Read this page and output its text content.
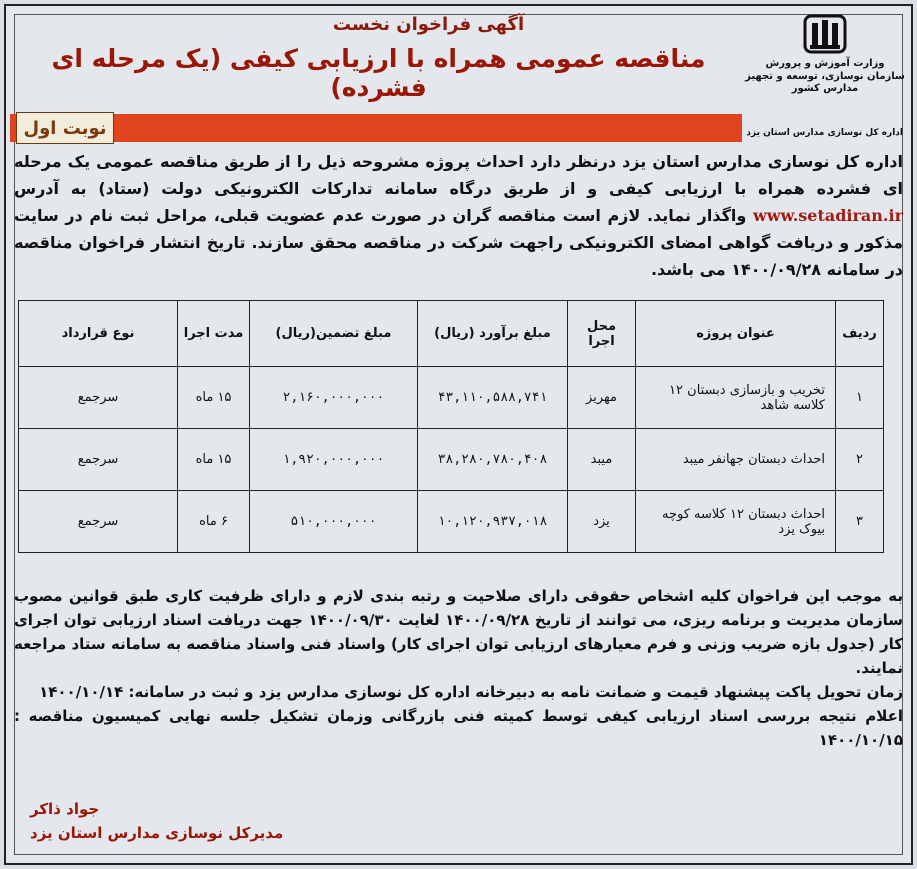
وزارت آموزش و پرورش
سازمان نوسازی، توسعه و تجهیز
مدارس کشور
آگهی فراخوان نخست
مناقصه عمومی همراه با ارزیابی کیفی (یک مرحله ای فشرده)
نوبت اول	اداره کل نوسازی مدارس استان یزد
اداره کل نوسازی مدارس استان یزد درنظر دارد احداث پروژه مشروحه ذیل را از طریق مناقصه عمومی یک مرحله ای فشرده همراه با ارزیابی کیفی و از طریق درگاه سامانه تدارکات الکترونیکی دولت (ستاد) به آدرس www.setadiran.ir واگذار نماید. لازم است مناقصه گران در صورت عدم عضویت قبلی، مراحل ثبت نام در سایت مذکور و دریافت گواهی امضای الکترونیکی راجهت شرکت در مناقصه محقق سازند. تاریخ انتشار فراخوان مناقصه در سامانه ۱۴۰۰/۰۹/۲۸ می باشد.
ردیف	عنوان پروژه	محل اجرا	مبلغ برآورد (ریال)	مبلغ تضمین(ریال)	مدت اجرا	نوع قرارداد
۱	تخریب و بازسازی دبستان ۱۲ کلاسه شاهد	مهریز	۴۳,۱۱۰,۵۸۸,۷۴۱	۲,۱۶۰,۰۰۰,۰۰۰	۱۵ ماه	سرجمع
۲	احداث دبستان جهانفر میبد	میبد	۳۸,۲۸۰,۷۸۰,۴۰۸	۱,۹۲۰,۰۰۰,۰۰۰	۱۵ ماه	سرجمع
۳	احداث دبستان ۱۲ کلاسه کوچه بیوک یزد	یزد	۱۰,۱۲۰,۹۳۷,۰۱۸	۵۱۰,۰۰۰,۰۰۰	۶ ماه	سرجمع

به موجب این فراخوان کلیه اشخاص حقوقی دارای صلاحیت و رتبه بندی لازم و دارای ظرفیت کاری طبق قوانین مصوب سازمان مدیریت و برنامه ریزی، می توانند از تاریخ ۱۴۰۰/۰۹/۲۸ لغایت ۱۴۰۰/۰۹/۳۰ جهت دریافت اسناد ارزیابی توان اجرای کار (جدول بازه ضریب وزنی و فرم معیارهای ارزیابی توان اجرای کار) واسناد فنی واسناد مناقصه به سامانه ستاد مراجعه نمایند.

زمان تحویل پاکت پیشنهاد قیمت و ضمانت نامه به دبیرخانه اداره کل نوسازی مدارس یزد و ثبت در سامانه: ۱۴۰۰/۱۰/۱۴

اعلام نتیجه بررسی اسناد ارزیابی کیفی توسط کمیته فنی بازرگانی وزمان تشکیل جلسه نهایی کمیسیون مناقصه : ۱۴۰۰/۱۰/۱۵

جواد ذاکر
مدیرکل نوسازی مدارس استان یزد
